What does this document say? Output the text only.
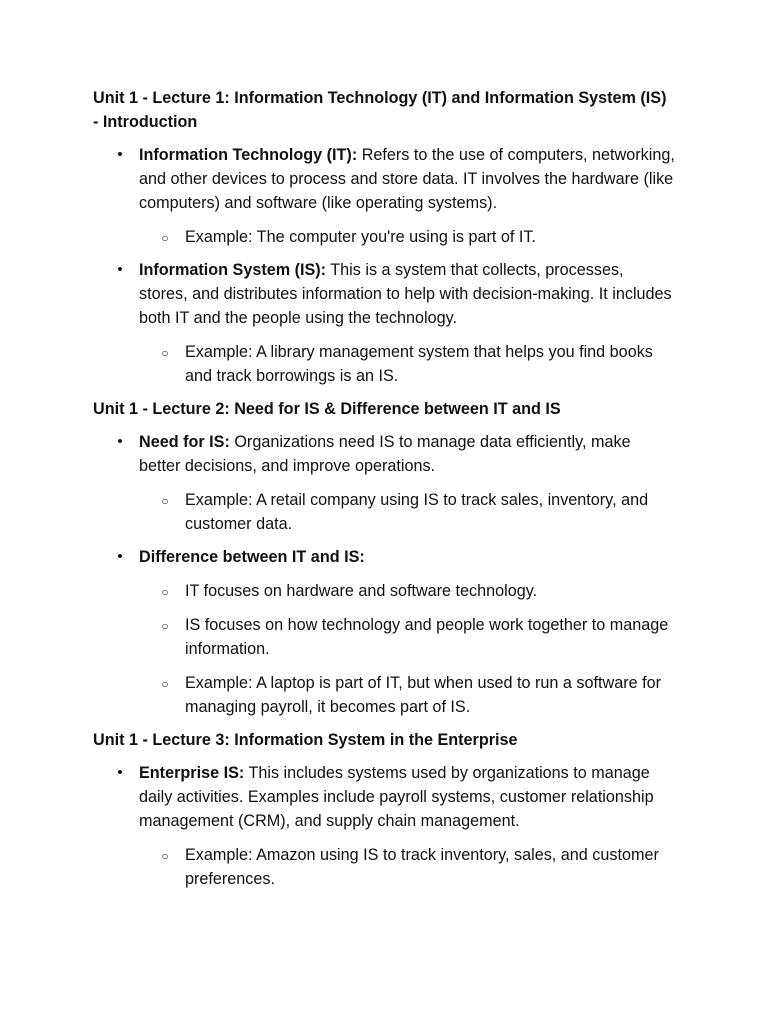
Unit 1 - Lecture 1: Information Technology (IT) and Information System (IS) - Introduction

• Information Technology (IT): Refers to the use of computers, networking, and other devices to process and store data. IT involves the hardware (like computers) and software (like operating systems).
○ Example: The computer you're using is part of IT.
• Information System (IS): This is a system that collects, processes, stores, and distributes information to help with decision-making. It includes both IT and the people using the technology.
○ Example: A library management system that helps you find books and track borrowings is an IS.

Unit 1 - Lecture 2: Need for IS & Difference between IT and IS

• Need for IS: Organizations need IS to manage data efficiently, make better decisions, and improve operations.
○ Example: A retail company using IS to track sales, inventory, and customer data.
• Difference between IT and IS:
○ IT focuses on hardware and software technology.
○ IS focuses on how technology and people work together to manage information.
○ Example: A laptop is part of IT, but when used to run a software for managing payroll, it becomes part of IS.

Unit 1 - Lecture 3: Information System in the Enterprise

• Enterprise IS: This includes systems used by organizations to manage daily activities. Examples include payroll systems, customer relationship management (CRM), and supply chain management.
○ Example: Amazon using IS to track inventory, sales, and customer preferences.
